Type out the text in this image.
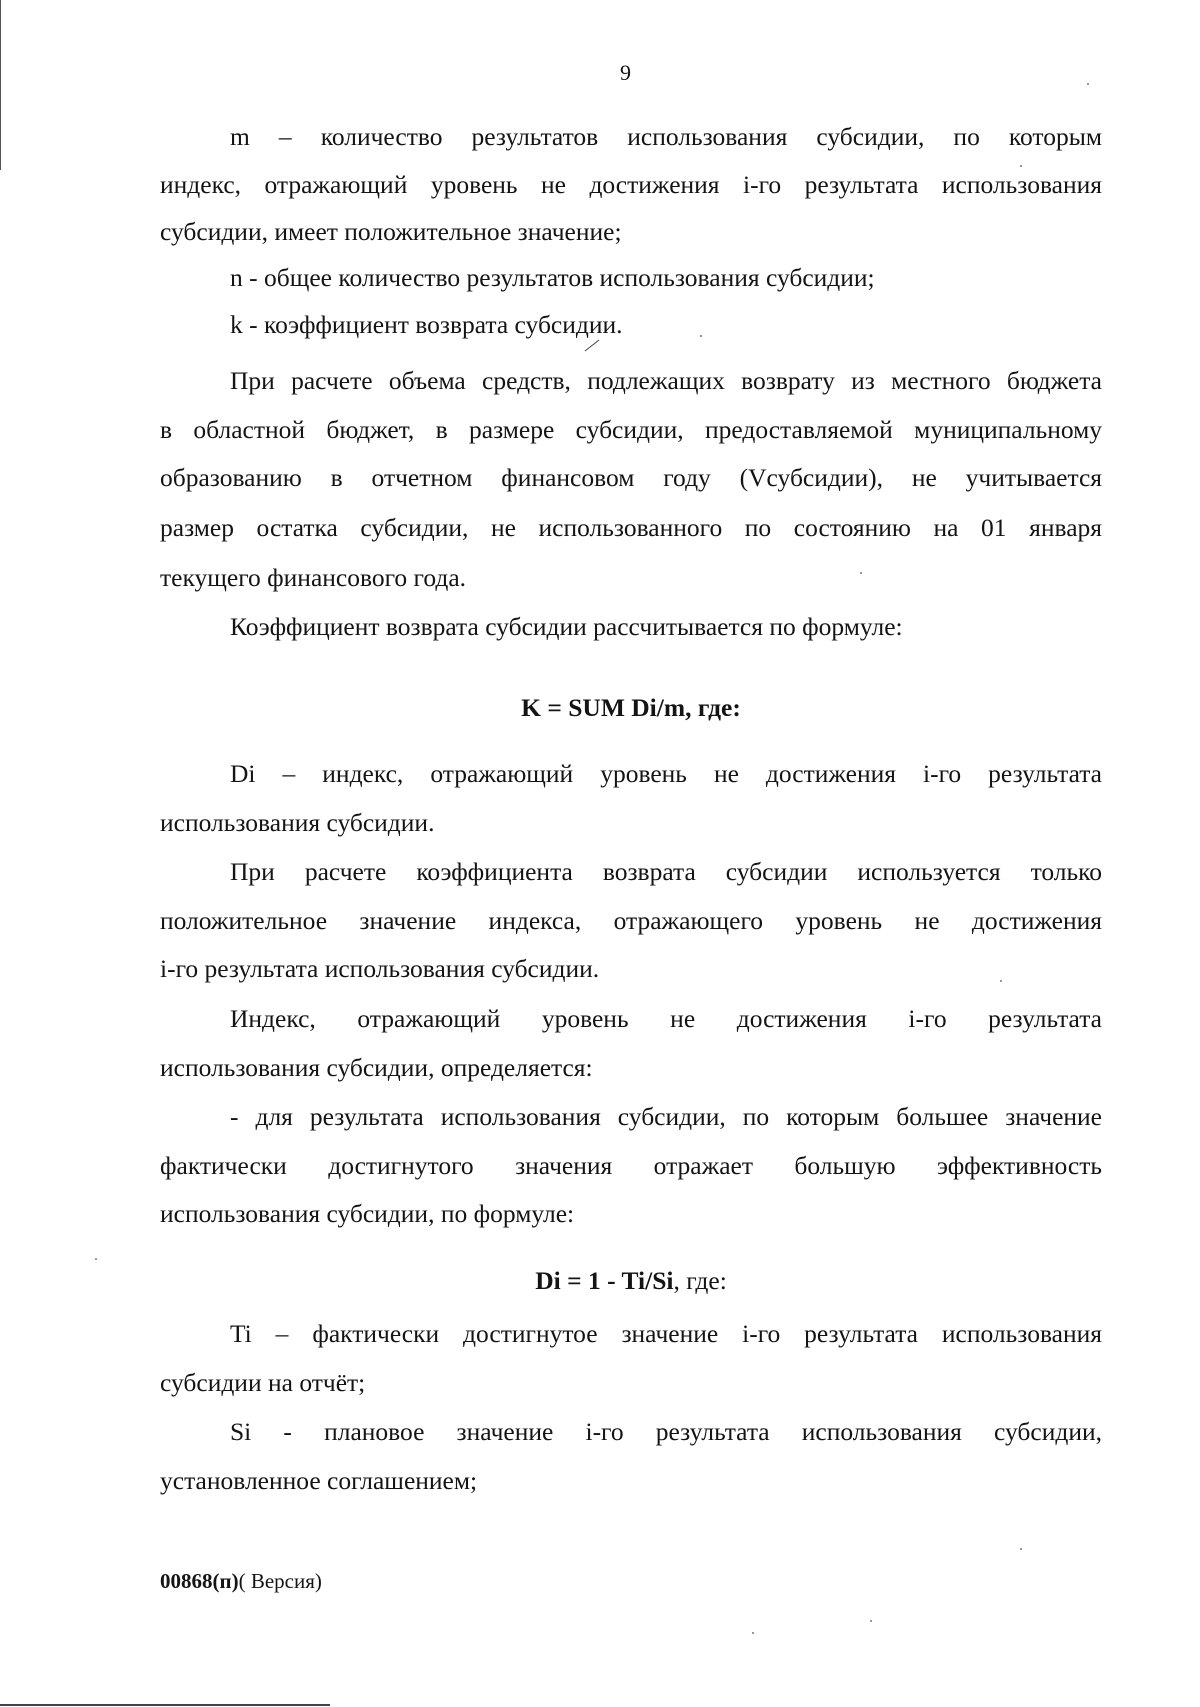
9
m – количество результатов использования субсидии, по которым
индекс, отражающий уровень не достижения i-го результата использования
субсидии, имеет положительное значение;
n - общее количество результатов использования субсидии;
k - коэффициент возврата субсидии.
При расчете объема средств, подлежащих возврату из местного бюджета
в областной бюджет, в размере субсидии, предоставляемой муниципальному
образованию в отчетном финансовом году (Vсубсидии), не учитывается
размер остатка субсидии, не использованного по состоянию на 01 января
текущего финансового года.
Коэффициент возврата субсидии рассчитывается по формуле:
K = SUM Di/m, где:
Di – индекс, отражающий уровень не достижения i-го результата
использования субсидии.
При расчете коэффициента возврата субсидии используется только
положительное значение индекса, отражающего уровень не достижения
i-го результата использования субсидии.
Индекс, отражающий уровень не достижения i-го результата
использования субсидии, определяется:
- для результата использования субсидии, по которым большее значение
фактически достигнутого значения отражает большую эффективность
использования субсидии, по формуле:
Di = 1 - Ti/Si, где:
Ti – фактически достигнутое значение i-го результата использования
субсидии на отчёт;
Si - плановое значение i-го результата использования субсидии,
установленное соглашением;
00868(п)( Версия)
